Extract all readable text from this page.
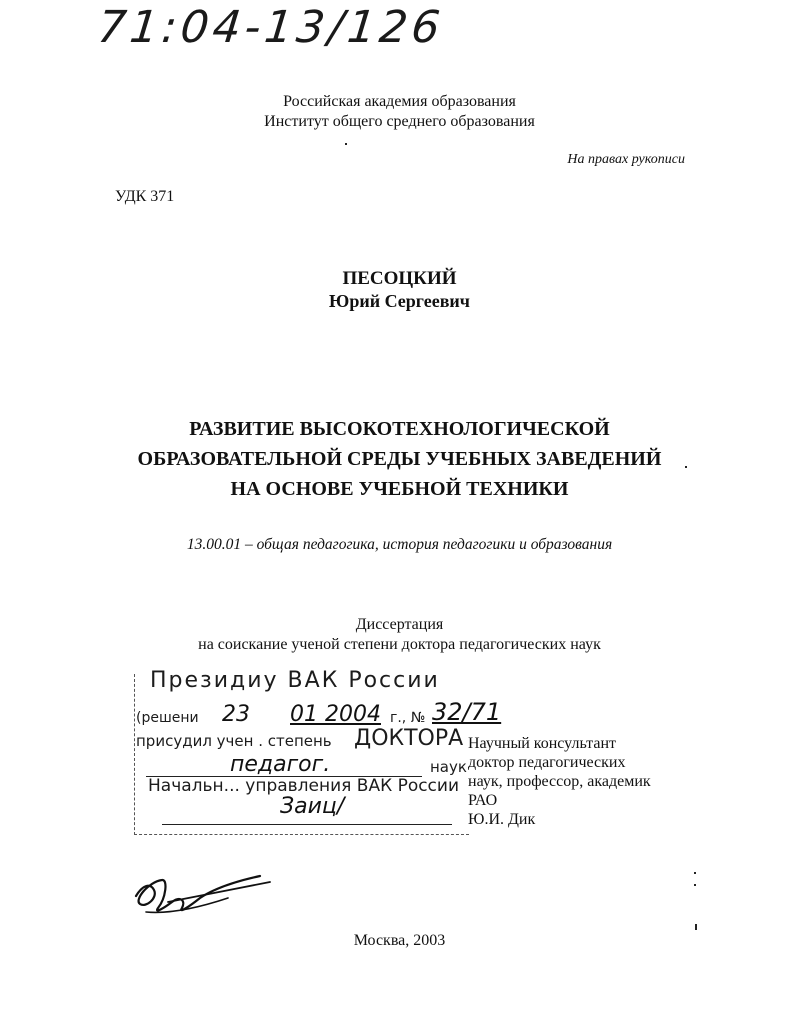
71:04-13/126
Российская академия образования
Институт общего среднего образования
На правах рукописи
УДК 371
ПЕСОЦКИЙ
Юрий Сергеевич
РАЗВИТИЕ ВЫСОКОТЕХНОЛОГИЧЕСКОЙ
ОБРАЗОВАТЕЛЬНОЙ СРЕДЫ УЧЕБНЫХ ЗАВЕДЕНИЙ
НА ОСНОВЕ УЧЕБНОЙ ТЕХНИКИ
13.00.01 – общая педагогика, история педагогики и образования
Диссертация
на соискание ученой степени доктора педагогических наук
Президиу ВАК России
(решени 23 01 2004 г., № 32/71
присудил учен . степень ДОКТОРА
педагог.	наук
Начальн... управления ВАК России
Заиц/
Научный консультант
доктор педагогических
наук, профессор, академик
РАО
Ю.И. Дик
Москва, 2003
